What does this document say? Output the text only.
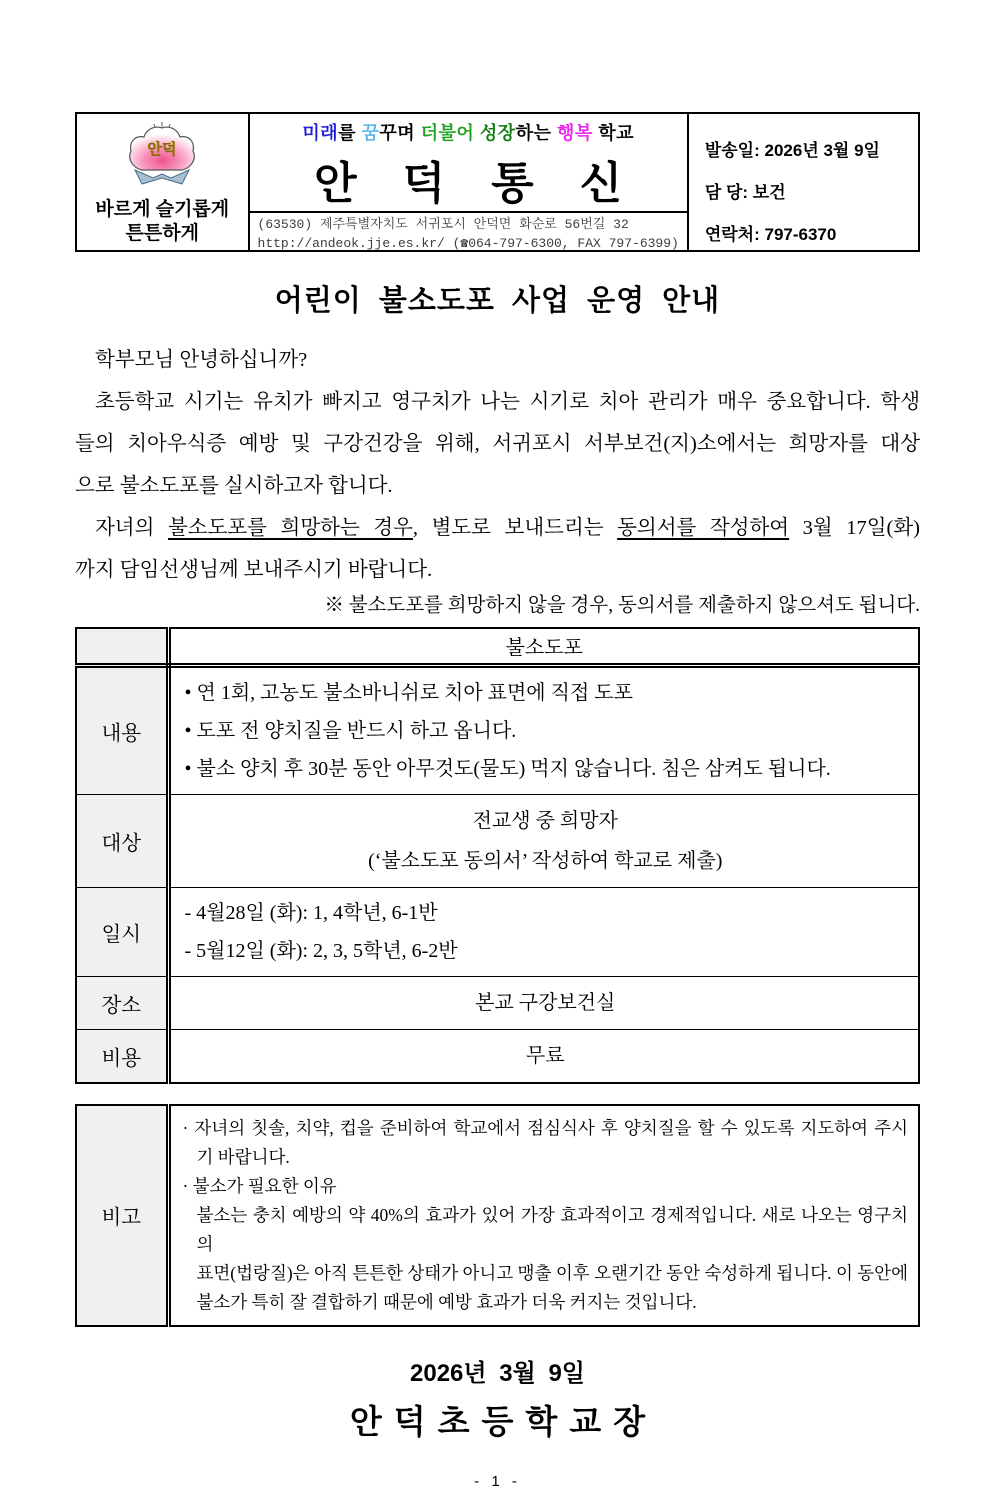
안덕
바르게 슬기롭게
튼튼하게
미래를 꿈꾸며 더불어 성장하는 행복 학교
안덕통신
(63530) 제주특별자치도 서귀포시 안덕면 화순로 56번길 32
http://andeok.jje.es.kr/ (☎064-797-6300, FAX 797-6399)
발송일: 2026년 3월 9일
담 당: 보건
연락처: 797-6370
어린이 불소도포 사업 운영 안내
학부모님 안녕하십니까?
초등학교 시기는 유치가 빠지고 영구치가 나는 시기로 치아 관리가 매우 중요합니다. 학생
들의 치아우식증 예방 및 구강건강을 위해, 서귀포시 서부보건(지)소에서는 희망자를 대상
으로 불소도포를 실시하고자 합니다.
자녀의 불소도포를 희망하는 경우, 별도로 보내드리는 동의서를 작성하여 3월 17일(화)
까지 담임선생님께 보내주시기 바랍니다.
※ 불소도포를 희망하지 않을 경우, 동의서를 제출하지 않으셔도 됩니다.
	불소도포
내용	• 연 1회, 고농도 불소바니쉬로 치아 표면에 직접 도포
• 도포 전 양치질을 반드시 하고 옵니다.
• 불소 양치 후 30분 동안 아무것도(물도) 먹지 않습니다. 침은 삼켜도 됩니다.

대상	전교생 중 희망자
(‘불소도포 동의서’ 작성하여 학교로 제출)

일시	- 4월28일 (화): 1, 4학년, 6-1반
- 5월12일 (화): 2, 3, 5학년, 6-2반

장소	본교 구강보건실

비용	무료
비고	
· 자녀의 칫솔, 치약, 컵을 준비하여 학교에서 점심식사 후 양치질을 할 수 있도록 지도하여 주시
기 바랍니다.
· 불소가 필요한 이유
불소는 충치 예방의 약 40%의 효과가 있어 가장 효과적이고 경제적입니다. 새로 나오는 영구치의
표면(법랑질)은 아직 튼튼한 상태가 아니고 맹출 이후 오랜기간 동안 숙성하게 됩니다. 이 동안에
불소가 특히 잘 결합하기 때문에 예방 효과가 더욱 커지는 것입니다.
2026년 3월 9일
안덕초등학교장
- 1 -
